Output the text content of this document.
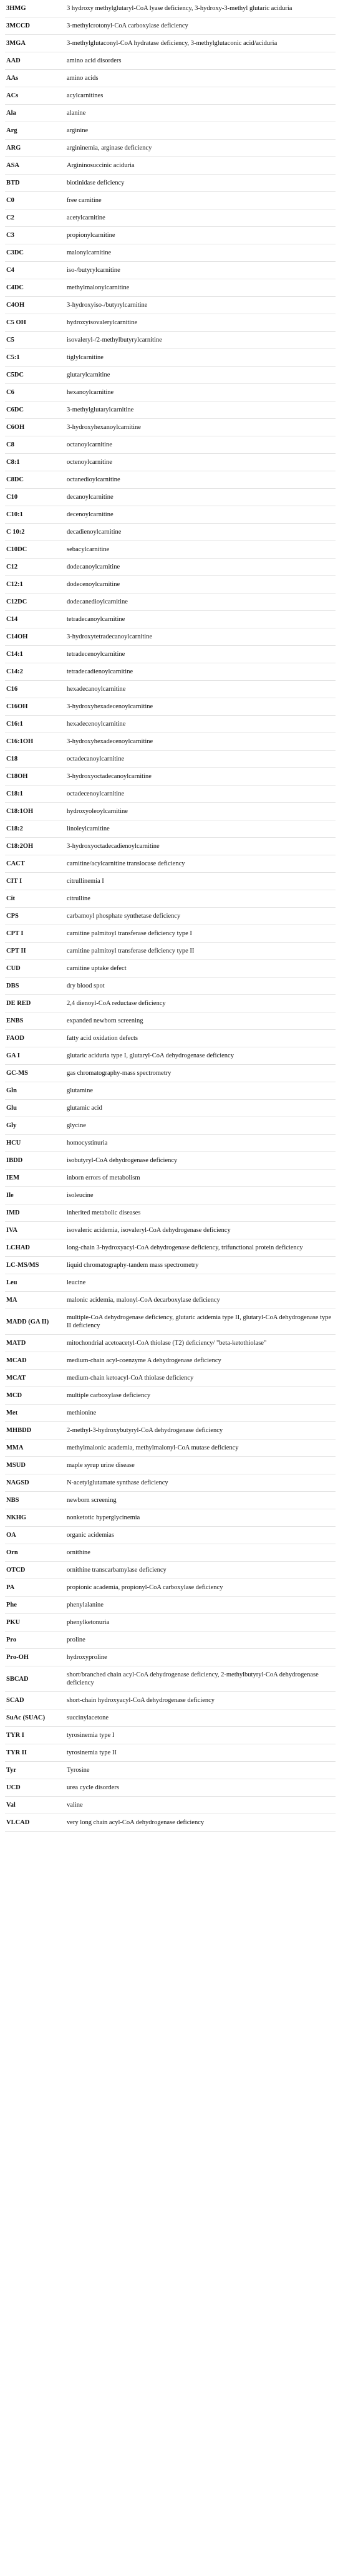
3HMG	3 hydroxy methylglutaryl-CoA lyase deficiency, 3-hydroxy-3-methyl glutaric aciduria
3MCCD	3-methylcrotonyl-CoA carboxylase deficiency
3MGA	3-methylglutaconyl-CoA hydratase deficiency, 3-methylglutaconic acid/aciduria
AAD	amino acid disorders
AAs	amino acids
ACs	acylcarnitines
Ala	alanine
Arg	arginine
ARG	argininemia, arginase deficiency
ASA	Argininosuccinic aciduria
BTD	biotinidase deficiency
C0	free carnitine
C2	acetylcarnitine
C3	propionylcarnitine
C3DC	malonylcarnitine
C4	iso-/butyrylcarnitine
C4DC	methylmalonylcarnitine
C4OH	3-hydroxyiso-/butyrylcarnitine
C5 OH	hydroxyisovalerylcarnitine
C5	isovaleryl-/2-methylbutyrylcarnitine
C5:1	tiglylcarnitine
C5DC	glutarylcarnitine
C6	hexanoylcarnitine
C6DC	3-methylglutarylcarnitine
C6OH	3-hydroxyhexanoylcarnitine
C8	octanoylcarnitine
C8:1	octenoylcarnitine
C8DC	octanedioylcarnitine
C10	decanoylcarnitine
C10:1	decenoylcarnitine
C 10:2	decadienoylcarnitine
C10DC	sebacylcarnitine
C12	dodecanoylcarnitine
C12:1	dodecenoylcarnitine
C12DC	dodecanedioylcarnitine
C14	tetradecanoylcarnitine
C14OH	3-hydroxytetradecanoylcarnitine
C14:1	tetradecenoylcarnitine
C14:2	tetradecadienoylcarnitine
C16	hexadecanoylcarnitine
C16OH	3-hydroxyhexadecenoylcarnitine
C16:1	hexadecenoylcarnitine
C16:1OH	3-hydroxyhexadecenoylcarnitine
C18	octadecanoylcarnitine
C18OH	3-hydroxyoctadecanoylcarnitine
C18:1	octadecenoylcarnitine
C18:1OH	hydroxyoleoylcarnitine
C18:2	linoleylcarnitine
C18:2OH	3-hydroxyoctadecadienoylcarnitine
CACT	carnitine/acylcarnitine translocase deficiency
CIT I	citrullinemia I
Cit	citrulline
CPS	carbamoyl phosphate synthetase deficiency
CPT I	carnitine palmitoyl transferase deficiency type I
CPT II	carnitine palmitoyl transferase deficiency type II
CUD	carnitine uptake defect
DBS	dry blood spot
DE RED	2,4 dienoyl-CoA reductase deficiency
ENBS	expanded newborn screening
FAOD	fatty acid oxidation defects
GA I	glutaric aciduria type I, glutaryl-CoA dehydrogenase deficiency
GC-MS	gas chromatography-mass spectrometry
Gln	glutamine
Glu	glutamic acid
Gly	glycine
HCU	homocystinuria
IBDD	isobutyryl-CoA dehydrogenase deficiency
IEM	inborn errors of metabolism
Ile	isoleucine
IMD	inherited metabolic diseases
IVA	isovaleric acidemia, isovaleryl-CoA dehydrogenase deficiency
LCHAD	long-chain 3-hydroxyacyl-CoA dehydrogenase deficiency, trifunctional protein deficiency
LC-MS/MS	liquid chromatography-tandem mass spectrometry
Leu	leucine
MA	malonic acidemia, malonyl-CoA decarboxylase deficiency
MADD (GA II)	multiple-CoA dehydrogenase deficiency, glutaric acidemia type II, glutaryl-CoA dehydrogenase type II deficiency
MATD	mitochondrial acetoacetyl-CoA thiolase (T2) deficiency/ "beta-ketothiolase"
MCAD	medium-chain acyl-coenzyme A dehydrogenase deficiency
MCAT	medium-chain ketoacyl-CoA thiolase deficiency
MCD	multiple carboxylase deficiency
Met	methionine
MHBDD	2-methyl-3-hydroxybutyryl-CoA dehydrogenase deficiency
MMA	methylmalonic academia, methylmalonyl-CoA mutase deficiency
MSUD	maple syrup urine disease
NAGSD	N-acetylglutamate synthase deficiency
NBS	newborn screening
NKHG	nonketotic hyperglycinemia
OA	organic acidemias
Orn	ornithine
OTCD	ornithine transcarbamylase deficiency
PA	propionic academia, propionyl-CoA carboxylase deficiency
Phe	phenylalanine
PKU	phenylketonuria
Pro	proline
Pro-OH	hydroxyproline
SBCAD	short/branched chain acyl-CoA dehydrogenase deficiency, 2-methylbutyryl-CoA dehydrogenase deficiency
SCAD	short-chain hydroxyacyl-CoA dehydrogenase deficiency
SuAc (SUAC)	succinylacetone
TYR I	tyrosinemia type I
TYR II	tyrosinemia type II
Tyr	Tyrosine
UCD	urea cycle disorders
Val	valine
VLCAD	very long chain acyl-CoA dehydrogenase deficiency
